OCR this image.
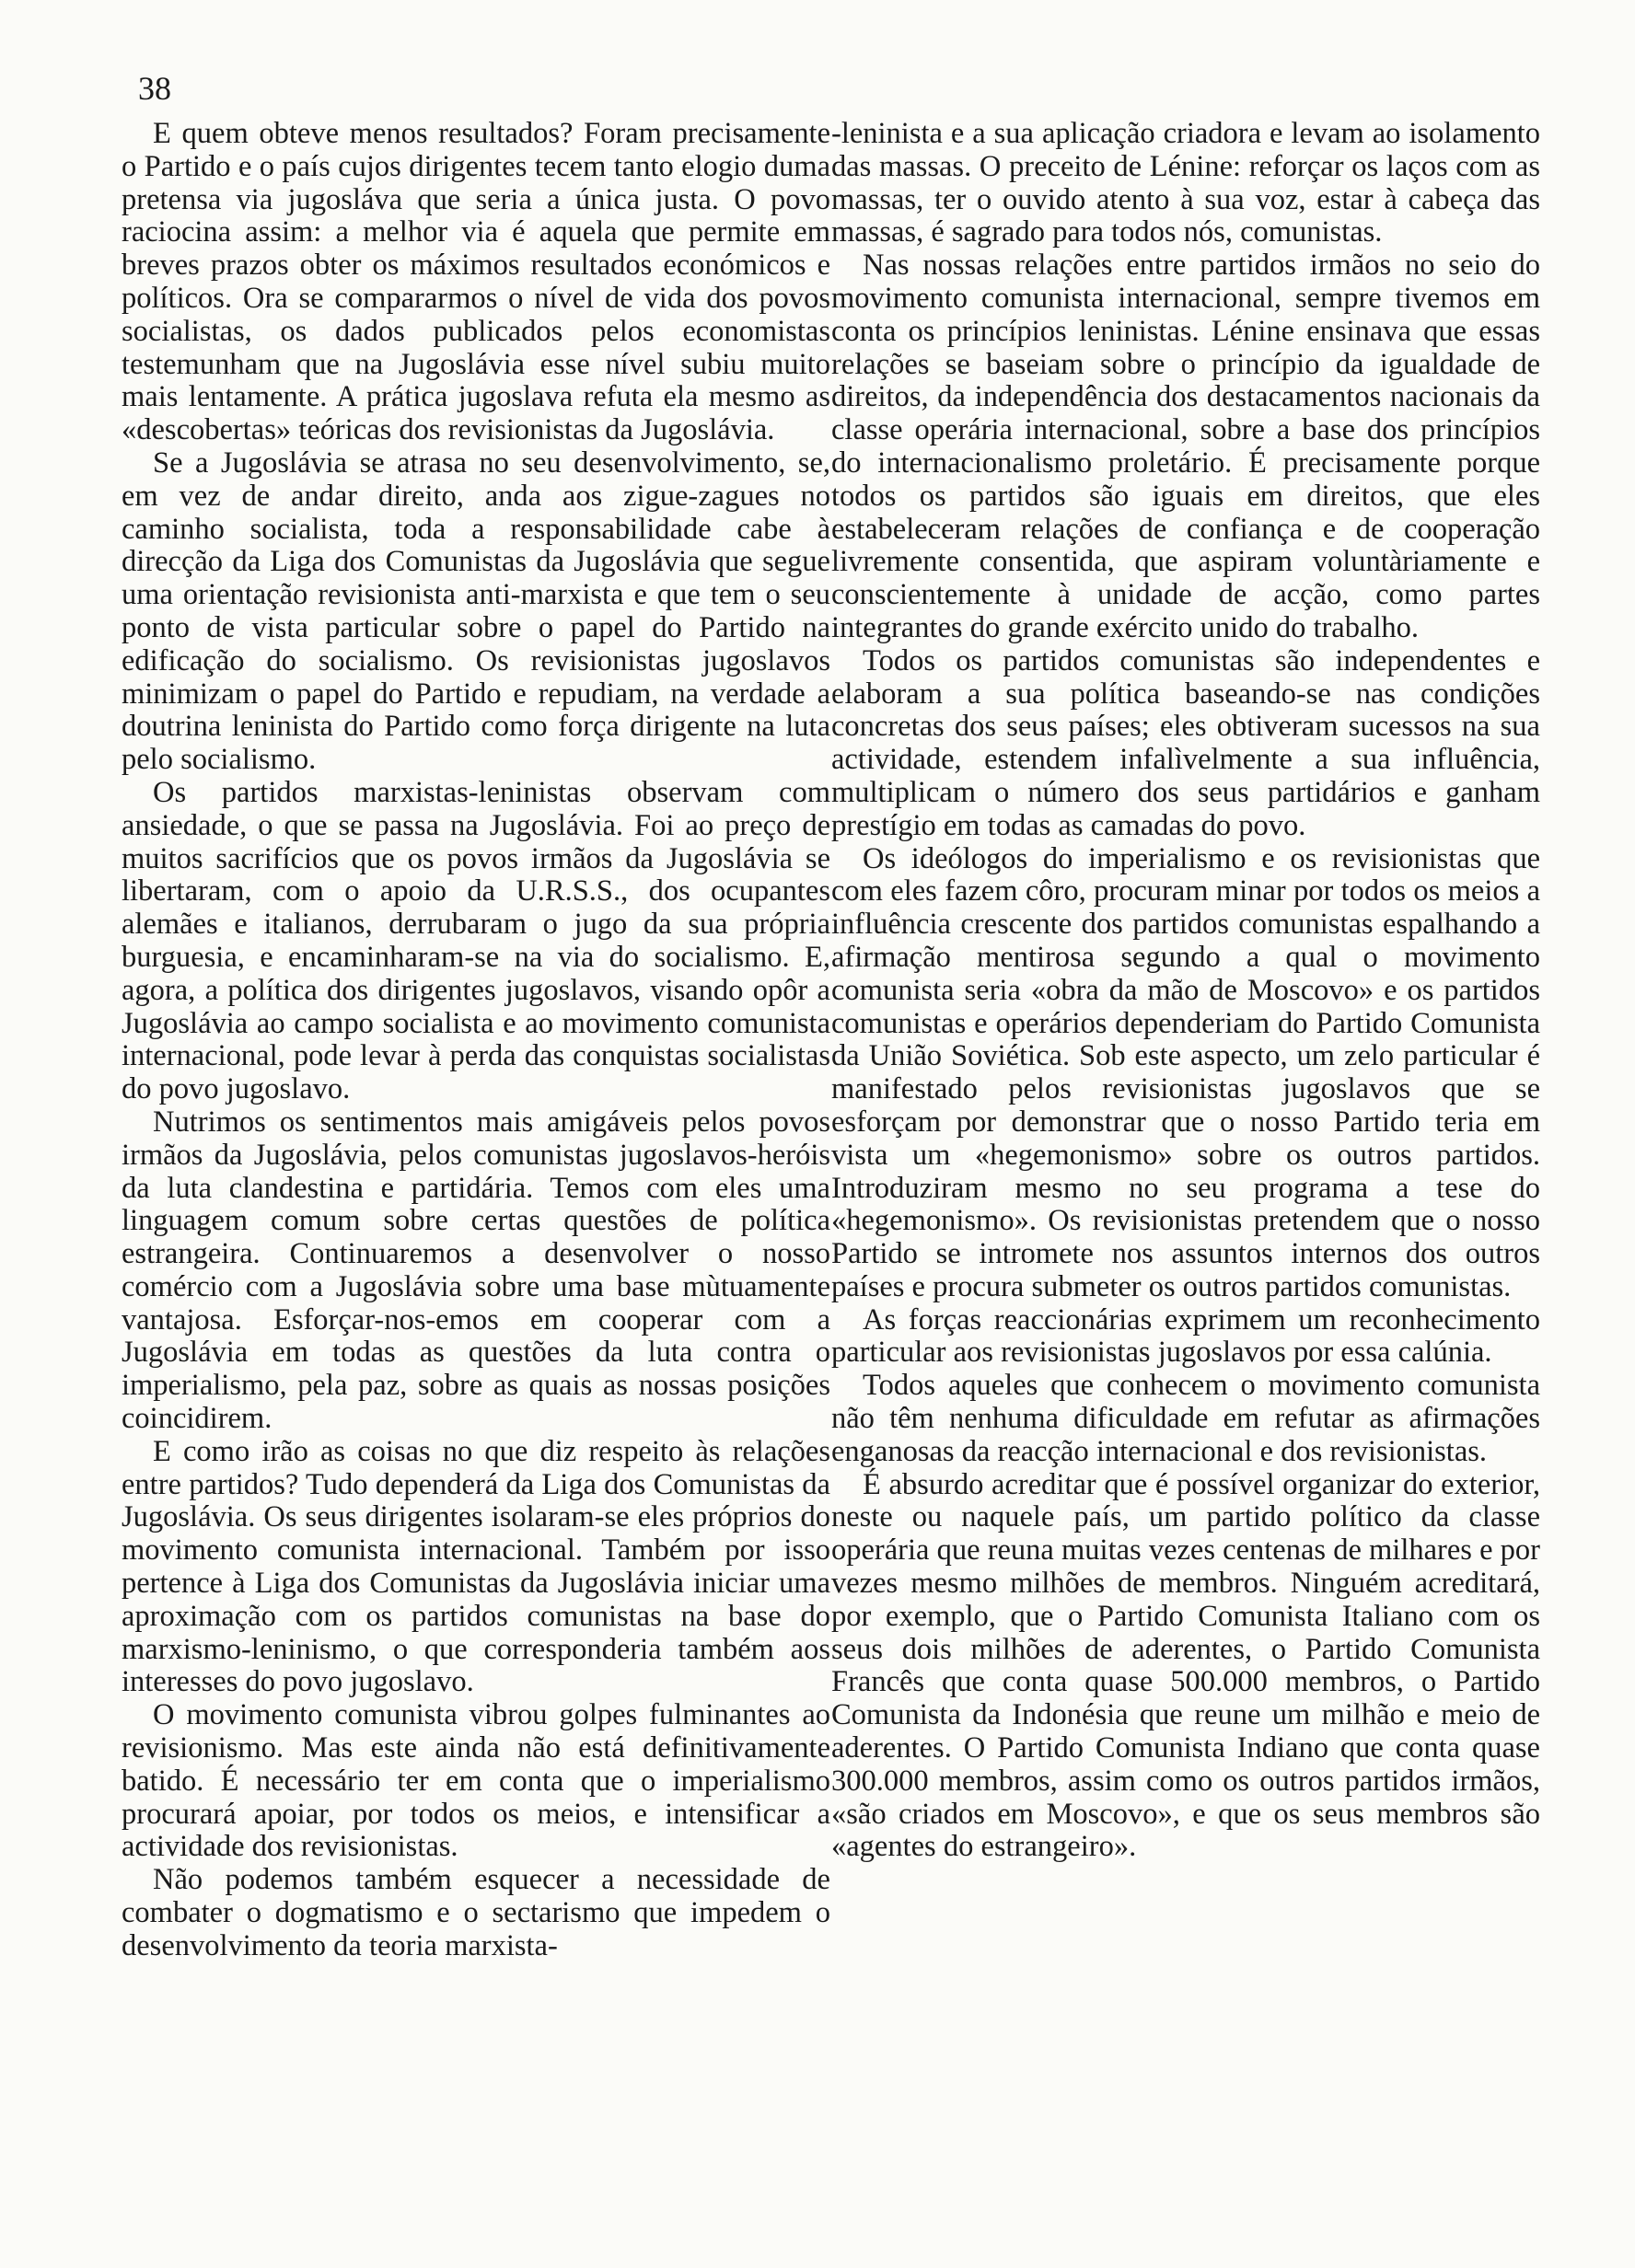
38

E quem obteve menos resultados? Foram precisamente o Partido e o país cujos dirigentes tecem tanto elogio duma pretensa via jugosláva que seria a única justa. O povo raciocina assim: a melhor via é aquela que permite em breves prazos obter os máximos resultados económicos e políticos. Ora se compararmos o nível de vida dos povos socialistas, os dados publicados pelos economistas testemunham que na Jugoslávia esse nível subiu muito mais lentamente. A prática jugoslava refuta ela mesmo as «descobertas» teóricas dos revisionistas da Jugoslávia.

Se a Jugoslávia se atrasa no seu desenvolvimento, se, em vez de andar direito, anda aos zigue-zagues no caminho socialista, toda a responsabilidade cabe à direcção da Liga dos Comunistas da Jugoslávia que segue uma orientação revisionista anti-marxista e que tem o seu ponto de vista particular sobre o papel do Partido na edificação do socialismo. Os revisionistas jugoslavos minimizam o papel do Partido e repudiam, na verdade a doutrina leninista do Partido como força dirigente na luta pelo socialismo.

Os partidos marxistas-leninistas observam com ansiedade, o que se passa na Jugoslávia. Foi ao preço de muitos sacrifícios que os povos irmãos da Jugoslávia se libertaram, com o apoio da U.R.S.S., dos ocupantes alemães e italianos, derrubaram o jugo da sua própria burguesia, e encaminharam-se na via do socialismo. E, agora, a política dos dirigentes jugoslavos, visando opôr a Jugoslávia ao campo socialista e ao movimento comunista internacional, pode levar à perda das conquistas socialistas do povo jugoslavo.

Nutrimos os sentimentos mais amigáveis pelos povos irmãos da Jugoslávia, pelos comunistas jugoslavos-heróis da luta clandestina e partidária. Temos com eles uma linguagem comum sobre certas questões de política estrangeira. Continuaremos a desenvolver o nosso comércio com a Jugoslávia sobre uma base mùtuamente vantajosa. Esforçar-nos-emos em cooperar com a Jugoslávia em todas as questões da luta contra o imperialismo, pela paz, sobre as quais as nossas posições coincidirem.

E como irão as coisas no que diz respeito às relações entre partidos? Tudo dependerá da Liga dos Comunistas da Jugoslávia. Os seus dirigentes isolaram-se eles próprios do movimento comunista internacional. Também por isso pertence à Liga dos Comunistas da Jugoslávia iniciar uma aproximação com os partidos comunistas na base do marxismo-leninismo, o que corresponderia também aos interesses do povo jugoslavo.

O movimento comunista vibrou golpes fulminantes ao revisionismo. Mas este ainda não está definitivamente batido. É necessário ter em conta que o imperialismo procurará apoiar, por todos os meios, e intensificar a actividade dos revisionistas.

Não podemos também esquecer a necessidade de combater o dogmatismo e o sectarismo que impedem o desenvolvimento da teoria marxista-

-leninista e a sua aplicação criadora e levam ao isolamento das massas. O preceito de Lénine: reforçar os laços com as massas, ter o ouvido atento à sua voz, estar à cabeça das massas, é sagrado para todos nós, comunistas.

Nas nossas relações entre partidos irmãos no seio do movimento comunista internacional, sempre tivemos em conta os princípios leninistas. Lénine ensinava que essas relações se baseiam sobre o princípio da igualdade de direitos, da independência dos destacamentos nacionais da classe operária internacional, sobre a base dos princípios do internacionalismo proletário. É precisamente porque todos os partidos são iguais em direitos, que eles estabeleceram relações de confiança e de cooperação livremente consentida, que aspiram voluntàriamente e conscientemente à unidade de acção, como partes integrantes do grande exército unido do trabalho.

Todos os partidos comunistas são independentes e elaboram a sua política baseando-se nas condições concretas dos seus países; eles obtiveram sucessos na sua actividade, estendem infalìvelmente a sua influência, multiplicam o número dos seus partidários e ganham prestígio em todas as camadas do povo.

Os ideólogos do imperialismo e os revisionistas que com eles fazem côro, procuram minar por todos os meios a influência crescente dos partidos comunistas espalhando a afirmação mentirosa segundo a qual o movimento comunista seria «obra da mão de Moscovo» e os partidos comunistas e operários dependeriam do Partido Comunista da União Soviética. Sob este aspecto, um zelo particular é manifestado pelos revisionistas jugoslavos que se esforçam por demonstrar que o nosso Partido teria em vista um «hegemonismo» sobre os outros partidos. Introduziram mesmo no seu programa a tese do «hegemonismo». Os revisionistas pretendem que o nosso Partido se intromete nos assuntos internos dos outros países e procura submeter os outros partidos comunistas.

As forças reaccionárias exprimem um reconhecimento particular aos revisionistas jugoslavos por essa calúnia.

Todos aqueles que conhecem o movimento comunista não têm nenhuma dificuldade em refutar as afirmações enganosas da reacção internacional e dos revisionistas.

É absurdo acreditar que é possível organizar do exterior, neste ou naquele país, um partido político da classe operária que reuna muitas vezes centenas de milhares e por vezes mesmo milhões de membros. Ninguém acreditará, por exemplo, que o Partido Comunista Italiano com os seus dois milhões de aderentes, o Partido Comunista Francês que conta quase 500.000 membros, o Partido Comunista da Indonésia que reune um milhão e meio de aderentes. O Partido Comunista Indiano que conta quase 300.000 membros, assim como os outros partidos irmãos, «são criados em Moscovo», e que os seus membros são «agentes do estrangeiro».
